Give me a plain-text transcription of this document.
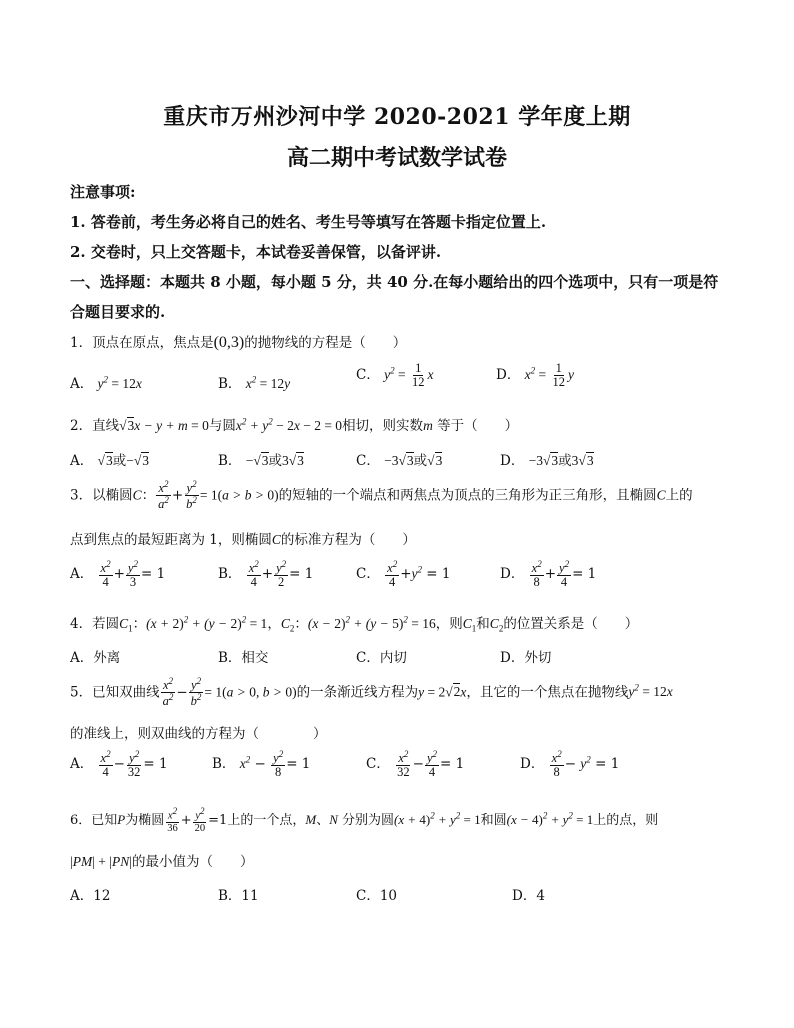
重庆市万州沙河中学 2020-2021 学年度上期
高二期中考试数学试卷
注意事项:
1. 答卷前，考生务必将自己的姓名、考生号等填写在答题卡指定位置上.
2. 交卷时，只上交答题卡，本试卷妥善保管，以备评讲.
一、选择题：本题共 8 小题，每小题 5 分，共 40 分.在每小题给出的四个选项中，只有一项是符
合题目要求的.
1．顶点在原点，焦点是(0,3)的抛物线的方程是（　　）
A． $y^2 = 12x$	B． $x^2 = 12y$
C． $y^2 = \frac{1}{12}$ x	D． $x^2 = \frac{1}{12}$ y
2．直线√3x − y + m = 0与圆$x^2 + y^2 - 2x - 2 = 0$相切，则实数m 等于（　　）
A． √3或−√3	B． −√3或3√3	C． −3√3或√3	D． −3√3或3√3
3．以椭圆C： $\frac{x^2}{a^2} + \frac{y^2}{b^2} = 1(a > b > 0)$的短轴的一个端点和两焦点为顶点的三角形为正三角形，且椭圆C上的
点到焦点的最短距离为 1，则椭圆C的标准方程为（　　）
A． $\frac{x^2}{4} + \frac{y^2}{3} = 1$	B． $\frac{x^2}{4} + \frac{y^2}{2} = 1$	C． $\frac{x^2}{4} +y^2 = 1$	D． $\frac{x^2}{8} + \frac{y^2}{4} = 1$
4．若圆$C_1$：$(x + 2)^2 + (y - 2)^2 = 1$，$C_2$：$(x - 2)^2 + (y - 5)^2 = 16$，则$C_1$和$C_2$的位置关系是（　　）
A．外离	B．相交	C．内切	D．外切
5．已知双曲线 $\frac{x^2}{a^2} - \frac{y^2}{b^2} = 1(a > 0$, b > 0)的一条渐近线方程为y = 2√2x，且它的一个焦点在抛物线$y^2 = 12x$
的准线上，则双曲线的方程为（　　　　）
A． $\frac{x^2}{4} - \frac{y^2}{32} = 1$	B． $x^2 - \frac{y^2}{8} = 1$	C． $\frac{x^2}{32} - \frac{y^2}{4} = 1$	D． $\frac{x^2}{8} - y^2 = 1$
6．已知P为椭圆 $\frac{x^2}{36} + \frac{y^2}{20} =1$上的一个点，M、N 分别为圆$(x + 4)^2 + y^2 = 1$和圆$(x - 4)^2 + y^2 = 1$上的点，则
|PM| + |PN|的最小值为（　　）
A．12	B．11	C．10	D．4
